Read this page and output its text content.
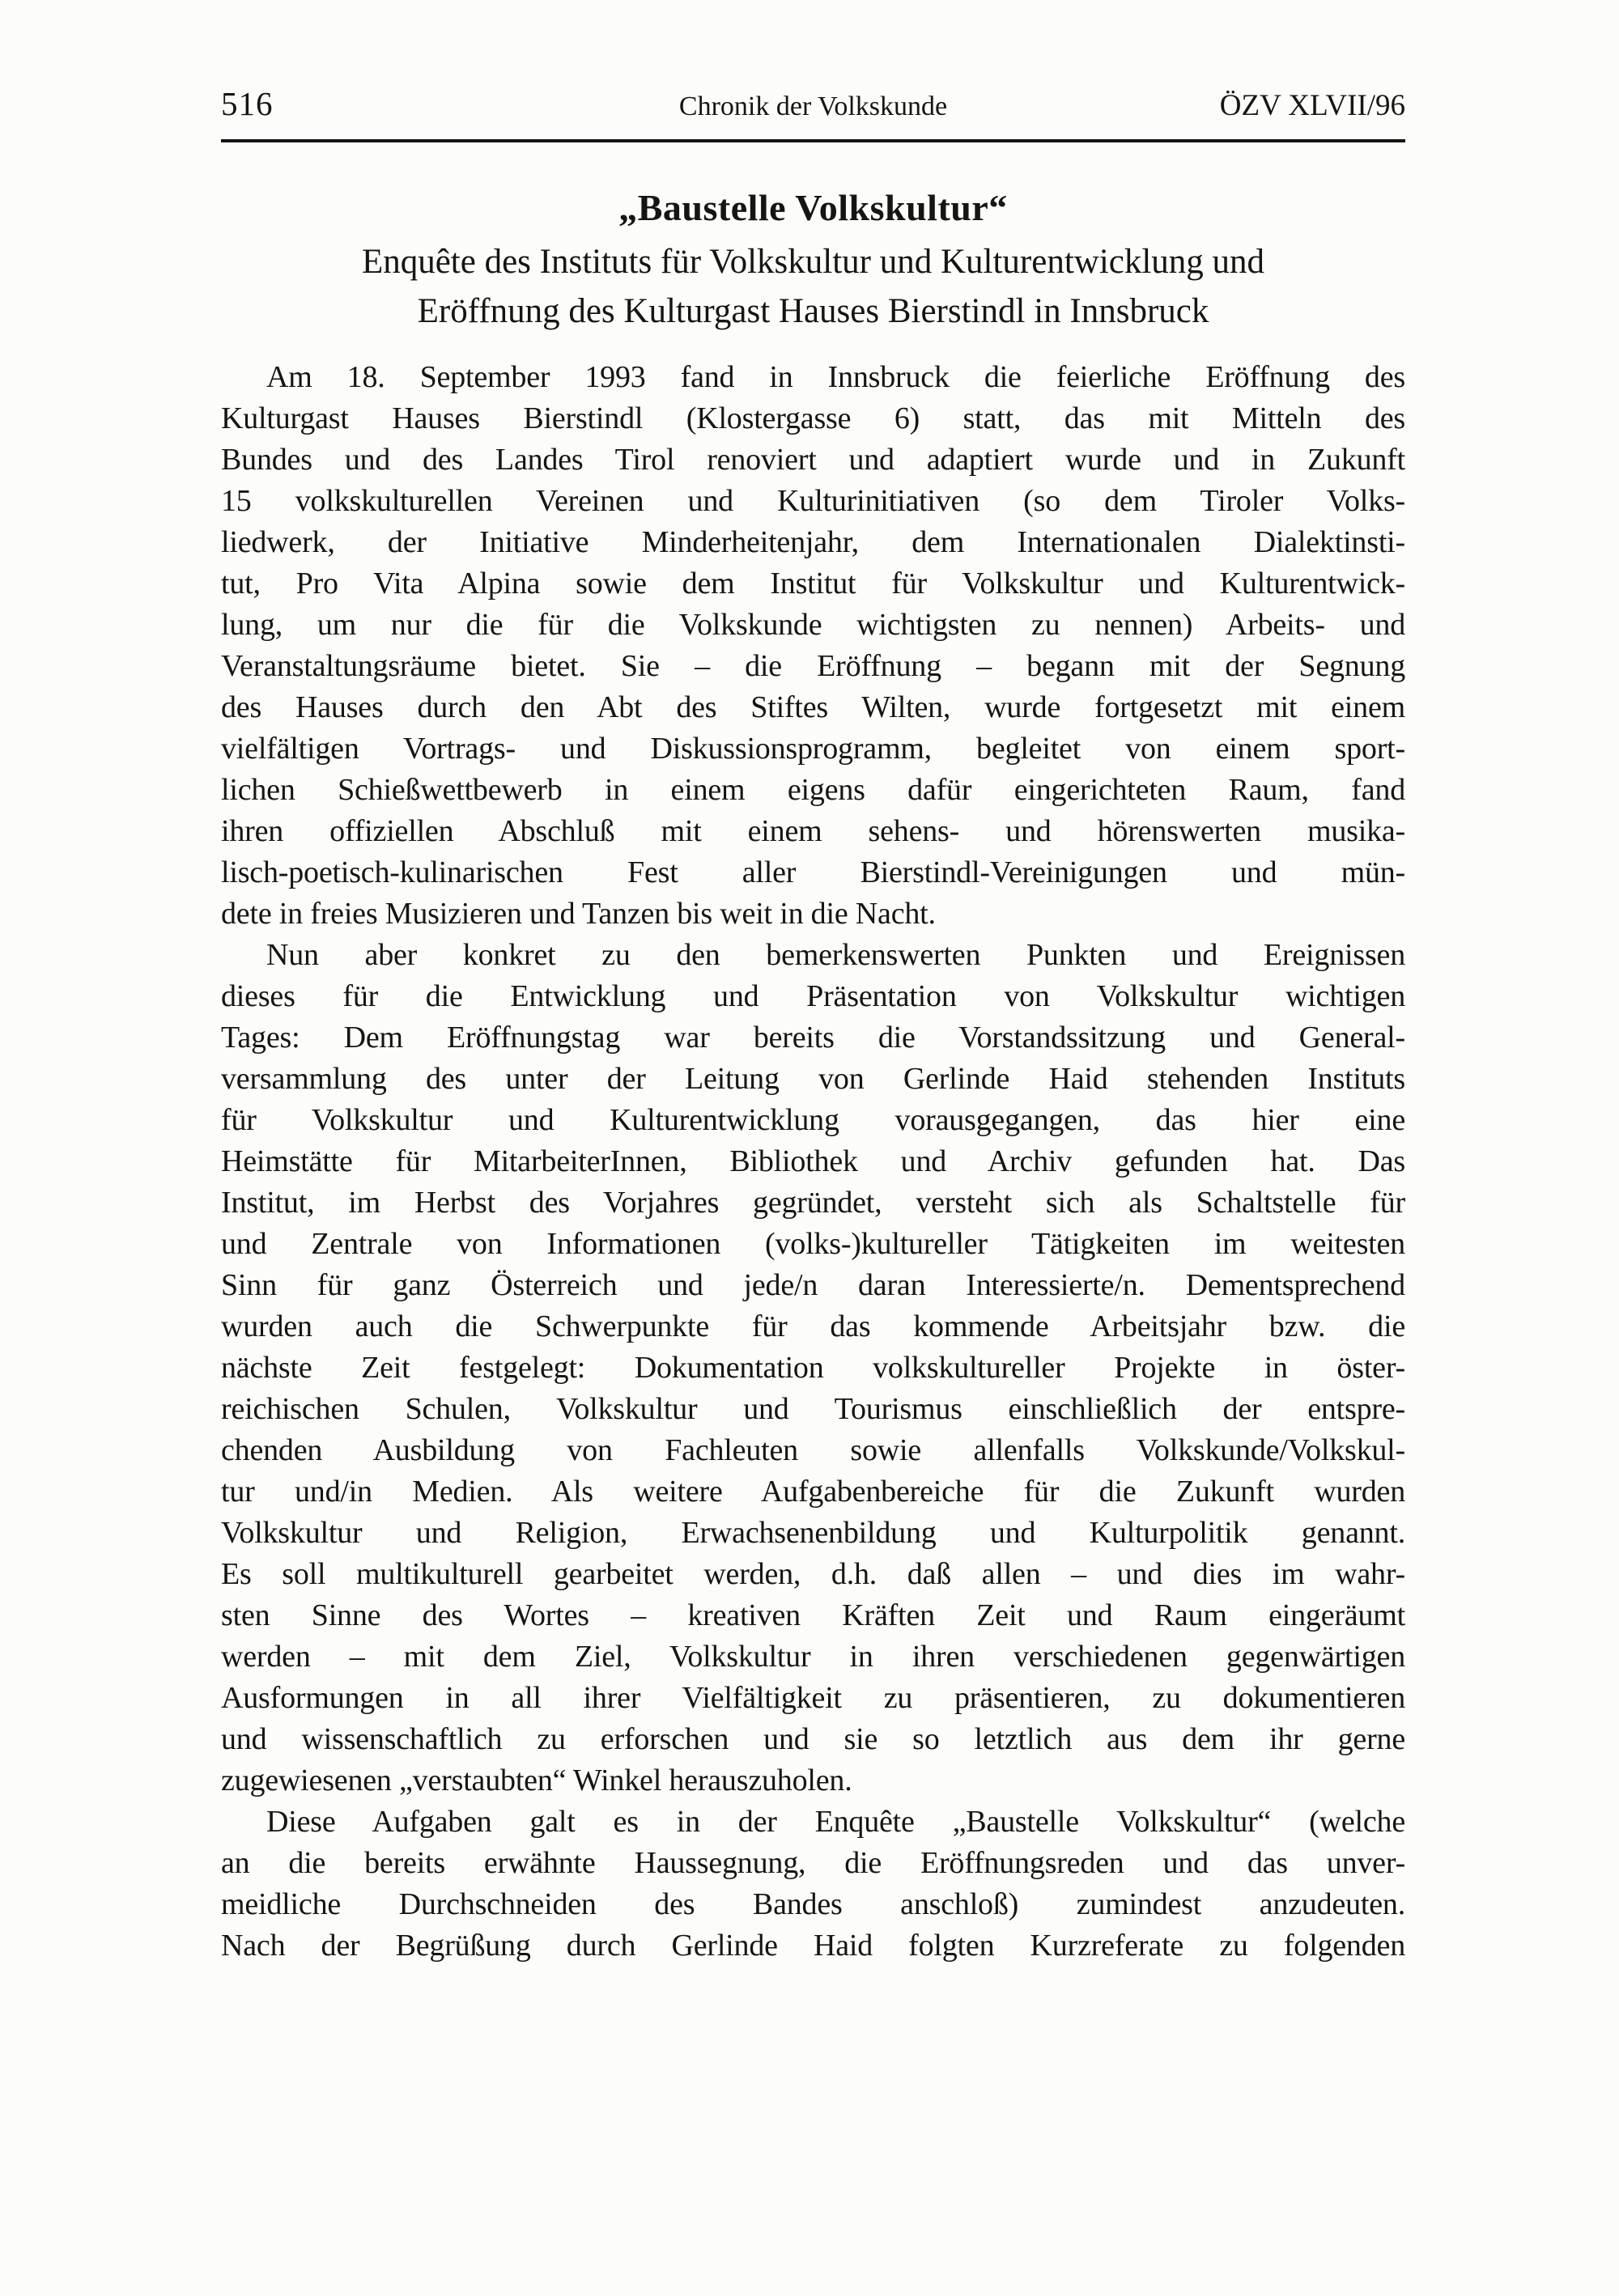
516	Chronik der Volkskunde	ÖZV XLVII/96
„Baustelle Volkskultur“
Enquête des Instituts für Volkskultur und Kulturentwicklung und
Eröffnung des Kulturgast Hauses Bierstindl in Innsbruck
Am 18. September 1993 fand in Innsbruck die feierliche Eröffnung des
Kulturgast Hauses Bierstindl (Klostergasse 6) statt, das mit Mitteln des
Bundes und des Landes Tirol renoviert und adaptiert wurde und in Zukunft
15 volkskulturellen Vereinen und Kulturinitiativen (so dem Tiroler Volks-
liedwerk, der Initiative Minderheitenjahr, dem Internationalen Dialektinsti-
tut, Pro Vita Alpina sowie dem Institut für Volkskultur und Kulturentwick-
lung, um nur die für die Volkskunde wichtigsten zu nennen) Arbeits- und
Veranstaltungsräume bietet. Sie – die Eröffnung – begann mit der Segnung
des Hauses durch den Abt des Stiftes Wilten, wurde fortgesetzt mit einem
vielfältigen Vortrags- und Diskussionsprogramm, begleitet von einem sport-
lichen Schießwettbewerb in einem eigens dafür eingerichteten Raum, fand
ihren offiziellen Abschluß mit einem sehens- und hörenswerten musika-
lisch-poetisch-kulinarischen Fest aller Bierstindl-Vereinigungen und mün-
dete in freies Musizieren und Tanzen bis weit in die Nacht.
Nun aber konkret zu den bemerkenswerten Punkten und Ereignissen
dieses für die Entwicklung und Präsentation von Volkskultur wichtigen
Tages: Dem Eröffnungstag war bereits die Vorstandssitzung und General-
versammlung des unter der Leitung von Gerlinde Haid stehenden Instituts
für Volkskultur und Kulturentwicklung vorausgegangen, das hier eine
Heimstätte für MitarbeiterInnen, Bibliothek und Archiv gefunden hat. Das
Institut, im Herbst des Vorjahres gegründet, versteht sich als Schaltstelle für
und Zentrale von Informationen (volks-)kultureller Tätigkeiten im weitesten
Sinn für ganz Österreich und jede/n daran Interessierte/n. Dementsprechend
wurden auch die Schwerpunkte für das kommende Arbeitsjahr bzw. die
nächste Zeit festgelegt: Dokumentation volkskultureller Projekte in öster-
reichischen Schulen, Volkskultur und Tourismus einschließlich der entspre-
chenden Ausbildung von Fachleuten sowie allenfalls Volkskunde/Volkskul-
tur und/in Medien. Als weitere Aufgabenbereiche für die Zukunft wurden
Volkskultur und Religion, Erwachsenenbildung und Kulturpolitik genannt.
Es soll multikulturell gearbeitet werden, d.h. daß allen – und dies im wahr-
sten Sinne des Wortes – kreativen Kräften Zeit und Raum eingeräumt
werden – mit dem Ziel, Volkskultur in ihren verschiedenen gegenwärtigen
Ausformungen in all ihrer Vielfältigkeit zu präsentieren, zu dokumentieren
und wissenschaftlich zu erforschen und sie so letztlich aus dem ihr gerne
zugewiesenen „verstaubten“ Winkel herauszuholen.
Diese Aufgaben galt es in der Enquête „Baustelle Volkskultur“ (welche
an die bereits erwähnte Haussegnung, die Eröffnungsreden und das unver-
meidliche Durchschneiden des Bandes anschloß) zumindest anzudeuten.
Nach der Begrüßung durch Gerlinde Haid folgten Kurzreferate zu folgenden
